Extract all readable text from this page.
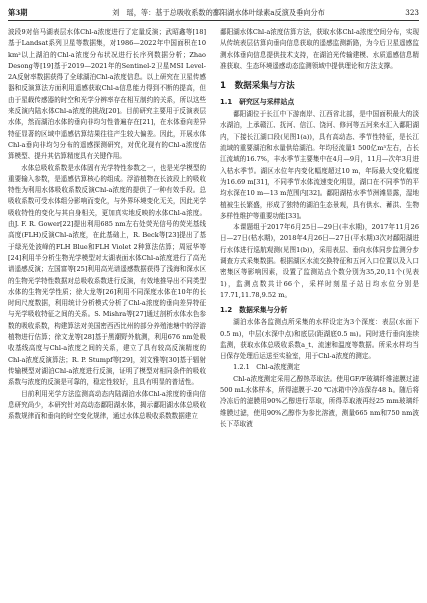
第3期	刘　瑶，等：基于总吸收系数的鄱阳湖水体叶绿素a反演及垂向分布	323

波段9对倍马湖表层水体Chl-a浓度进行了定量反演；武昭鑫等[18]基于Landsat系列卫星等数据集，对1986—2022年中国面积在10 km²以上湖泊的Chl-a浓度分布状况进行长序列数据分析；Zhao Desong等[19]基于2019—2021年的Sentinel-2卫星MSI Level-2A反射率数据获得了全球湖泊Chl-a浓度信息。以上研究在卫星传感器和反演算法方面利用遥感获取Chl-a信息能力得到不断的提高，但由于星载传感器的时空和光学分辨率存在相互制约的关系，所以这些来反演内陆水体Chl-a浓度的挑战[20]。目前研究主要用于反演表层水体，然而湖泊水体的垂向非均匀性普遍存在[21]，在水体垂向差异特征显著的区域中遥感估算结果往往产生较大偏差。因此，开展水体Chl-a垂向非均匀分布的遥感探测研究，对优化现有的Chl-a浓度估算模型、提升其估算精度具有关键作用。

水体总吸收系数是水体固有光学特性参数之一，也是光学模型的重要输入参数，是遥感估算核心的组成。浮游植物在长波段上的吸收特性为利用水体吸收系数反演Chl-a浓度的提供了一种有效手段。总吸收系数可受水体组分影响而变化，与外界环境变化无关，因此光学吸收特性的变化与其自身相关，更加真实地反映的水体Chl-a浓度。由J. F. R. Gower[22]提出利用685 nm左右处荧光信号的荧光基线高度(FLH)反演Chl-a浓度，在此基础上，R. Beck等[23]提出了基于绿光处波峰的FLH Blue和FLH Violet 2种算法估算；周冠华等[24]利用半分析生物光学模型对太湖表面水体Chl-a浓度进行了高光谱遥感反演；左国富等[25]利用高光谱遥感数据获得了浅海和深水区的生物光学特性数据对总吸收系数进行反演，有效地推导出不同类型水体的生物光学性质；徐大龙等[26]利用不同深度水体在10年的长时间尺度数据，利用统计分析模式分析了Chl-a浓度的垂向差异特征与光学吸收特征之间的关系。S. Mishra等[27]通过剖析水体水色参数的吸收系数，构建算法对美国密西西比州的部分养殖池塘中的浮游植物进行估算；徐文龙等[28]基于黑潮野外航测，利用676 nm处吸收基线高度与Chl-a浓度之间的关系，建立了具有较高反演精度的Chl-a浓度反演算法；R. P. Stumpf等[29]，刘文雅等[30]基于辐射传输模型对湖泊Chl-a浓度进行反演，证明了模型对相同条件的吸收系数与浓度的反演是可靠的，稳定性较好，且具有明显的普适性。

目前利用光学方法监测高动态内陆湖泊水体Chl-a浓度的垂向信息研究尚少，本研究针对高动态鄱阳湖水体，揭示鄱阳湖水体总吸收系数规律而和垂向的时空变化规律，通过水体总吸收系数数据建立

鄱阳湖水体Chl-a浓度估算方法，获取水体Chl-a浓度空间分布，实现从传统表层估算向垂向信息获取的遥感监测新路，为今后卫星遥感监测水体垂向信息提供技术支持，在湖泊光传输建模、水质遥感信息精准获取、生态环境遥感动态监测领域中提供理论和方法支撑。

1　数据采集与方法
1.1　研究区与采样站点

鄱阳湖位于长江中下游南岸、江西省北部，是中国面积最大的淡水湖泊，上承赣江、抚河、信江、饶河、修河等五河来水汇入鄱阳湖内，下接长江湖口段(见图1(a))，具有高动态、季节性特征，是长江流域的重要湖泊和水量供给湖泊。年均径流量1 500亿m³左右，占长江流域的16.7%，丰水季节主要集中在4月—9月，11月—次年3月进入枯水季节。湖区水位年内变化幅度超过10 m，年际最大变化幅度为16.69 m[31]，不同季节水体流速变化明显，湖口在不同季节的平均水深在10 m—13 m范围内[32]。鄱阳湖枯水季节洲滩显露，湿地植被生长繁盛，形成了独特的湖泊生态景观，具有供水、蓄洪、生物多样性维护等重要功能[33]。

本课题组于2017年6月25日—29日(丰水期)，2017年11月26日—27日(枯水期)，2018年4月26日—27日(平水期)3次对鄱阳湖进行水体进行巡航观测(见图1(b))，采用表层、垂向水体同步监测分步调查方式采集数据。根据湖区水流交换特征和五河入口位置以及入口密集区等影响因素，设置了监测站点个数分别为35,20,11个(见表1)，监测点数共计66个，采样时刻星子站日均水位分别是17.71,11.78,9.52 m。

1.2　数据采集与分析

湖泊水体各监测点所采集的水样设定为3个深度：表层(水面下0.5 m)，中层(水深中点)和底层(距湖底0.5 m)。同时进行垂向连续监测，获取水体总吸收系数a_t、流速和温度等数据。所采水样均当日保存处理后运送至实验室，用于Chl-a浓度的测定。

1.2.1　Chl-a浓度测定

Chl-a浓度测定采用乙醇热萃取法。使用GF/F玻璃纤维滤膜过滤500 mL水体样本，所得滤膜于-20 ℃冰箱中冷冻保存48 h。随后将冷冻后的滤膜用90%乙醇进行萃取，所得萃取液再经25 mm玻璃纤维膜过滤，使用90%乙醇作为参比溶液，测量665 nm和750 nm波长下萃取液
